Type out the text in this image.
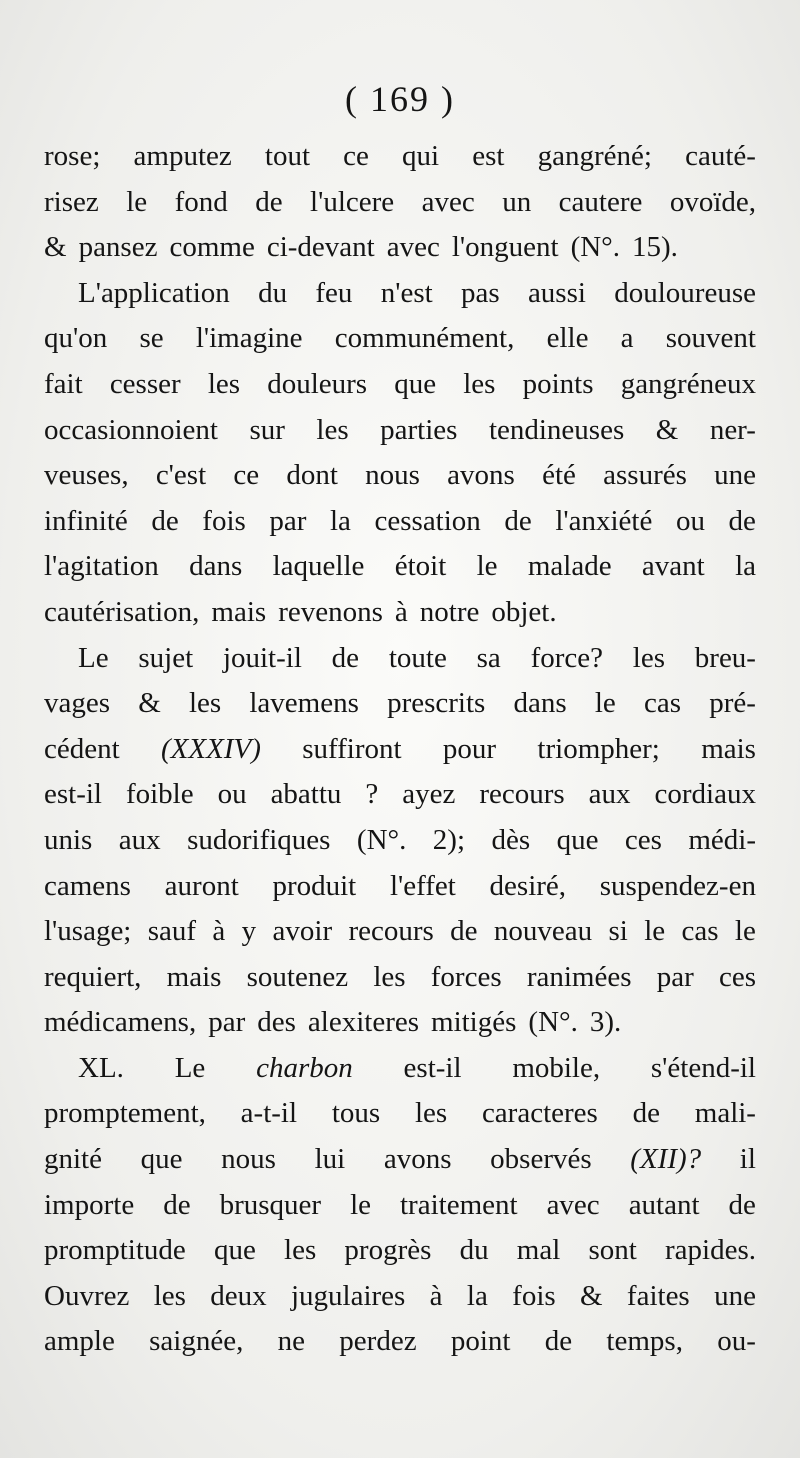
( 169 )
rose; amputez tout ce qui est gangréné; cauté-
risez le fond de l'ulcere avec un cautere ovoïde,
& pansez comme ci-devant avec l'onguent (N°. 15).
L'application du feu n'est pas aussi douloureuse
qu'on se l'imagine communément, elle a souvent
fait cesser les douleurs que les points gangréneux
occasionnoient sur les parties tendineuses & ner-
veuses, c'est ce dont nous avons été assurés une
infinité de fois par la cessation de l'anxiété ou de
l'agitation dans laquelle étoit le malade avant la
cautérisation, mais revenons à notre objet.
Le sujet jouit-il de toute sa force? les breu-
vages & les lavemens prescrits dans le cas pré-
cédent (XXXIV) suffiront pour triompher; mais
est-il foible ou abattu ? ayez recours aux cordiaux
unis aux sudorifiques (N°. 2); dès que ces médi-
camens auront produit l'effet desiré, suspendez-en
l'usage; sauf à y avoir recours de nouveau si le cas le
requiert, mais soutenez les forces ranimées par ces
médicamens, par des alexiteres mitigés (N°. 3).
XL. Le charbon est-il mobile, s'étend-il
promptement, a-t-il tous les caracteres de mali-
gnité que nous lui avons observés (XII)? il
importe de brusquer le traitement avec autant de
promptitude que les progrès du mal sont rapides.
Ouvrez les deux jugulaires à la fois & faites une
ample saignée, ne perdez point de temps, ou-
